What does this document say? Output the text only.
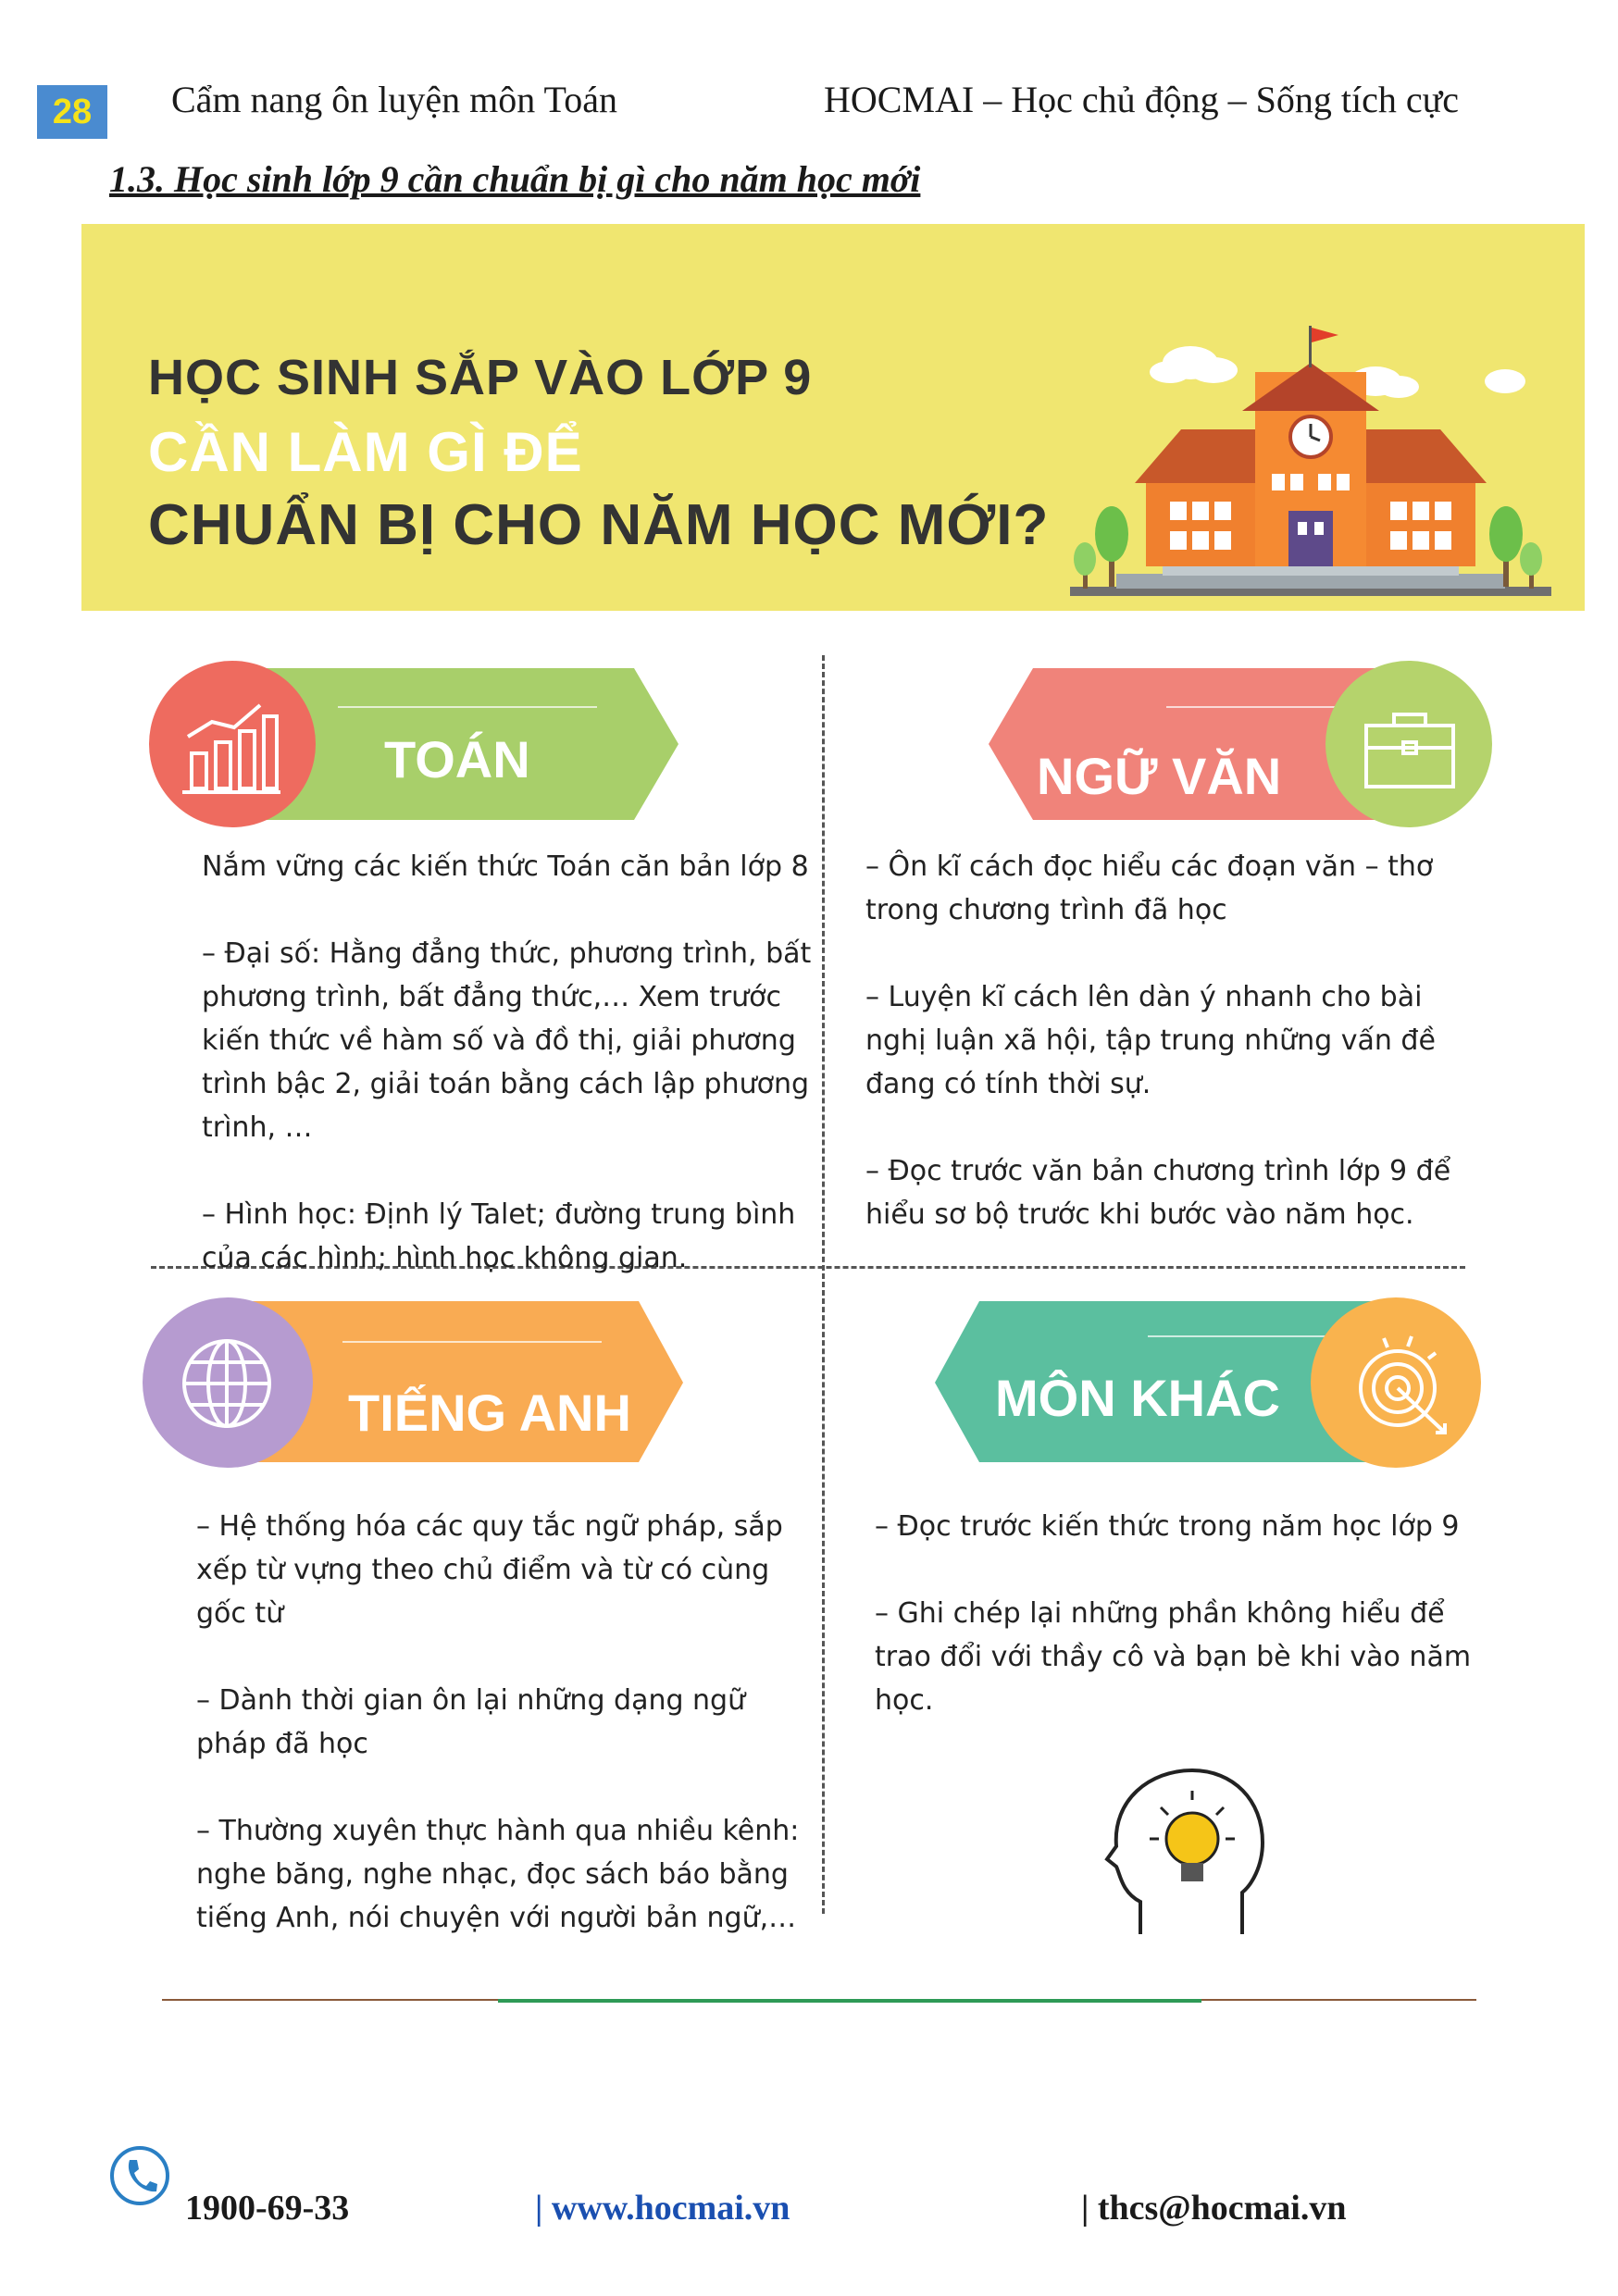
28	Cẩm nang ôn luyện môn Toán	HOCMAI – Học chủ động – Sống tích cực
1.3. Học sinh lớp 9 cần chuẩn bị gì cho năm học mới
HỌC SINH SẮP VÀO LỚP 9
CẦN LÀM GÌ ĐỂ
CHUẨN BỊ CHO NĂM HỌC MỚI?
TOÁN
Nắm vững các kiến thức Toán căn bản lớp 8

– Đại số: Hằng đẳng thức, phương trình, bất phương trình, bất đẳng thức,… Xem trước kiến thức về hàm số và đồ thị, giải phương trình bậc 2, giải toán bằng cách lập phương trình, …

– Hình học: Định lý Talet; đường trung bình của các hình; hình học không gian.
NGỮ VĂN
– Ôn kĩ cách đọc hiểu các đoạn văn – thơ trong chương trình đã học

– Luyện kĩ cách lên dàn ý nhanh cho bài nghị luận xã hội, tập trung những vấn đề đang có tính thời sự.

– Đọc trước văn bản chương trình lớp 9 để hiểu sơ bộ trước khi bước vào năm học.
TIẾNG ANH
– Hệ thống hóa các quy tắc ngữ pháp, sắp xếp từ vựng theo chủ điểm và từ có cùng gốc từ

– Dành thời gian ôn lại những dạng ngữ pháp đã học

– Thường xuyên thực hành qua nhiều kênh: nghe băng, nghe nhạc, đọc sách báo bằng tiếng Anh, nói chuyện với người bản ngữ,…
MÔN KHÁC
– Đọc trước kiến thức trong năm học lớp 9

– Ghi chép lại những phần không hiểu để trao đổi với thầy cô và bạn bè khi vào năm học.
1900-69-33	| www.hocmai.vn	| thcs@hocmai.vn
